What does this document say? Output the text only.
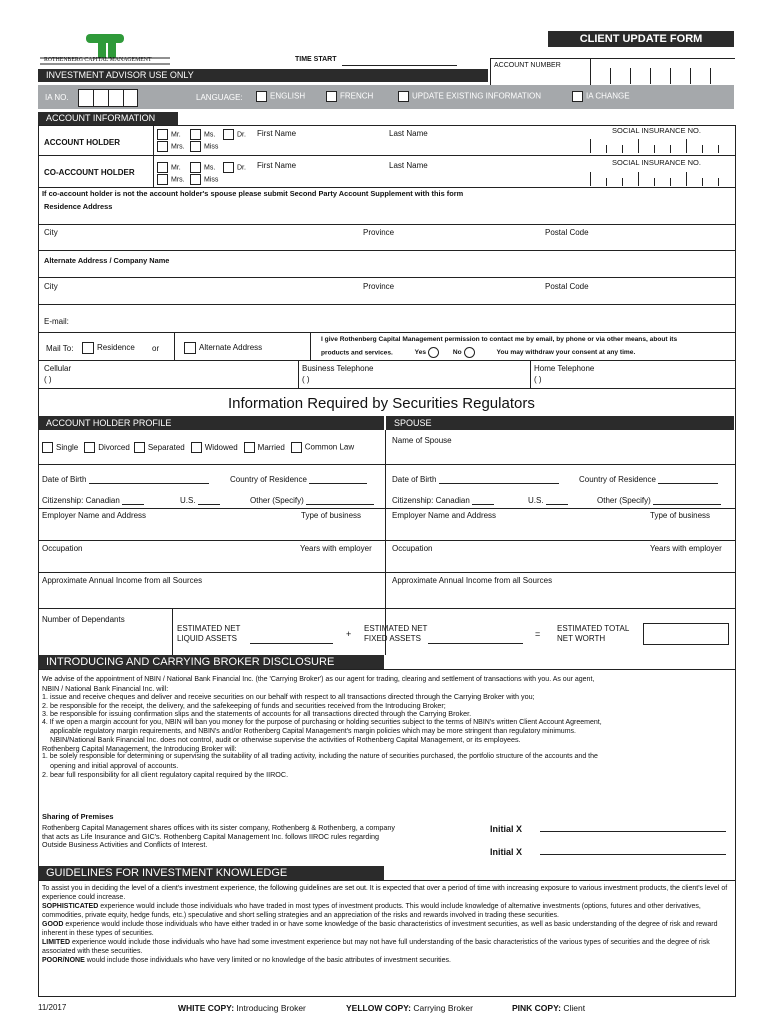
ROTHENBERG CAPITAL MANAGEMENT
CLIENT UPDATE FORM
TIME START
ACCOUNT NUMBER
INVESTMENT ADVISOR USE ONLY
IA NO.	LANGUAGE:	ENGLISH	FRENCH	UPDATE EXISTING INFORMATION	IA CHANGE
ACCOUNT INFORMATION
ACCOUNT HOLDER
Mr.	Ms.	Dr.
Mrs.	Miss
First Name	Last Name	SOCIAL INSURANCE NO.
CO-ACCOUNT HOLDER
Mr.	Ms.	Dr.
Mrs.	Miss
First Name	Last Name	SOCIAL INSURANCE NO.
If co-account holder is not the account holder's spouse please submit Second Party Account Supplement with this form
Residence Address
City	Province	Postal Code
Alternate Address / Company Name
City	Province	Postal Code
E-mail:
Mail To:	Residence or	Alternate Address
I give Rothenberg Capital Management permission to contact me by email, by phone or via other means, about its
products and services.	Yes	No	You may withdraw your consent at any time.
Cellular
( )
Business Telephone
( )
Home Telephone
( )
Information Required by Securities Regulators
ACCOUNT HOLDER PROFILE	SPOUSE
Single	Divorced Separated	Widowed	Married	Common Law
Name of Spouse
Date of Birth	Country of Residence	Date of Birth	Country of Residence
Citizenship: Canadian	U.S.	Other (Specify)	Citizenship: Canadian	U.S.	Other (Specify)
Employer Name and Address	Type of business	Employer Name and Address	Type of business
Occupation	Years with employer	Occupation	Years with employer
Approximate Annual Income from all Sources	Approximate Annual Income from all Sources
Number of Dependants
ESTIMATED NET
LIQUID ASSETS	+
ESTIMATED NET
FIXED ASSETS	=
ESTIMATED TOTAL
NET WORTH
INTRODUCING AND CARRYING BROKER DISCLOSURE
We advise of the appointment of NBIN / National Bank Financial Inc. (the 'Carrying Broker') as our agent for trading, clearing and settlement of transactions with you. As our agent,
NBIN / National Bank Financial Inc. will:
1. issue and receive cheques and deliver and receive securities on our behalf with respect to all transactions directed through the Carrying Broker with you;
2. be responsible for the receipt, the delivery, and the safekeeping of funds and securities received from the Introducing Broker;
3. be responsible for issuing confirmation slips and the statements of accounts for all transactions directed through the Carrying Broker.
4. If we open a margin account for you, NBIN will ban you money for the purpose of purchasing or holding securities subject to the terms of NBIN's written Client Account Agreement,
applicable regulatory margin requirements, and NBIN's and/or Rothenberg Capital Management's margin policies which may be more stringent than regulatory minimums.
NBIN/National Bank Financial Inc. does not control, audit or otherwise supervise the activities of Rothenberg Capital Management, or its employees.
Rothenberg Capital Management, the Introducing Broker will:
1. be solely responsible for determining or supervising the suitability of all trading activity, including the nature of securities purchased, the portfolio structure of the accounts and the
opening and initial approval of accounts.
2. bear full responsibility for all client regulatory capital required by the IIROC.
Sharing of Premises
Rothenberg Capital Management shares offices with its sister company, Rothenberg & Rothenberg, a company
that acts as Life Insurance and GIC's. Rothenberg Capital Management Inc. follows IIROC rules regarding
Outside Business Activities and Conflicts of Interest.
Initial X
Initial X
GUIDELINES FOR INVESTMENT KNOWLEDGE
To assist you in deciding the level of a client's investment experience, the following guidelines are set out. It is expected that over a period of time with increasing exposure to various investment products, the client's level of experience could increase.
SOPHISTICATED experience would include those individuals who have traded in most types of investment products. This would include knowledge of alternative investments (options, futures and other derivatives, commodities, private equity, hedge funds, etc.) speculative and short selling strategies and an appreciation of the risks and rewards involved in trading these securities.
GOOD experience would include those individuals who have either traded in or have some knowledge of the basic characteristics of investment securities, as well as basic understanding of the degree of risk and reward inherent in these types of securities.
LIMITED experience would include those individuals who have had some investment experience but may not have full understanding of the basic characteristics of the various types of securities and the degree of risk associated with these securities.
POOR/NONE would include those individuals who have very limited or no knowledge of the basic attributes of investment securities.
11/2017	WHITE COPY: Introducing Broker	YELLOW COPY: Carrying Broker	PINK COPY: Client
